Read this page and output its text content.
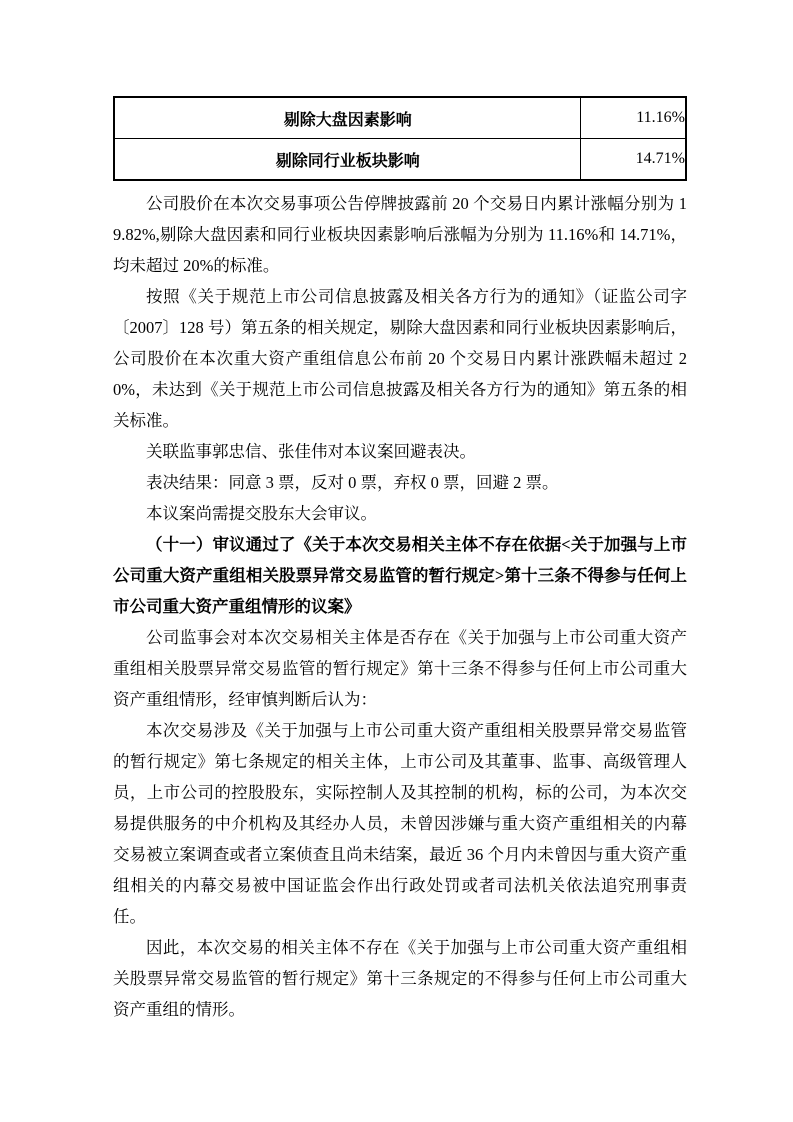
剔除大盘因素影响	11.16%
剔除同行业板块影响	14.71%

公司股价在本次交易事项公告停牌披露前 20 个交易日内累计涨幅分别为 19.82%,剔除大盘因素和同行业板块因素影响后涨幅为分别为 11.16%和 14.71%，均未超过 20%的标准。

按照《关于规范上市公司信息披露及相关各方行为的通知》（证监公司字〔2007〕128 号）第五条的相关规定，剔除大盘因素和同行业板块因素影响后，公司股价在本次重大资产重组信息公布前 20 个交易日内累计涨跌幅未超过 20%，未达到《关于规范上市公司信息披露及相关各方行为的通知》第五条的相关标准。

关联监事郭忠信、张佳伟对本议案回避表决。

表决结果：同意 3 票，反对 0 票，弃权 0 票，回避 2 票。

本议案尚需提交股东大会审议。

（十一）审议通过了《关于本次交易相关主体不存在依据<关于加强与上市公司重大资产重组相关股票异常交易监管的暂行规定>第十三条不得参与任何上市公司重大资产重组情形的议案》

公司监事会对本次交易相关主体是否存在《关于加强与上市公司重大资产重组相关股票异常交易监管的暂行规定》第十三条不得参与任何上市公司重大资产重组情形，经审慎判断后认为：

本次交易涉及《关于加强与上市公司重大资产重组相关股票异常交易监管的暂行规定》第七条规定的相关主体，上市公司及其董事、监事、高级管理人员，上市公司的控股股东，实际控制人及其控制的机构，标的公司，为本次交易提供服务的中介机构及其经办人员，未曾因涉嫌与重大资产重组相关的内幕交易被立案调查或者立案侦查且尚未结案，最近 36 个月内未曾因与重大资产重组相关的内幕交易被中国证监会作出行政处罚或者司法机关依法追究刑事责任。

因此，本次交易的相关主体不存在《关于加强与上市公司重大资产重组相关股票异常交易监管的暂行规定》第十三条规定的不得参与任何上市公司重大资产重组的情形。
